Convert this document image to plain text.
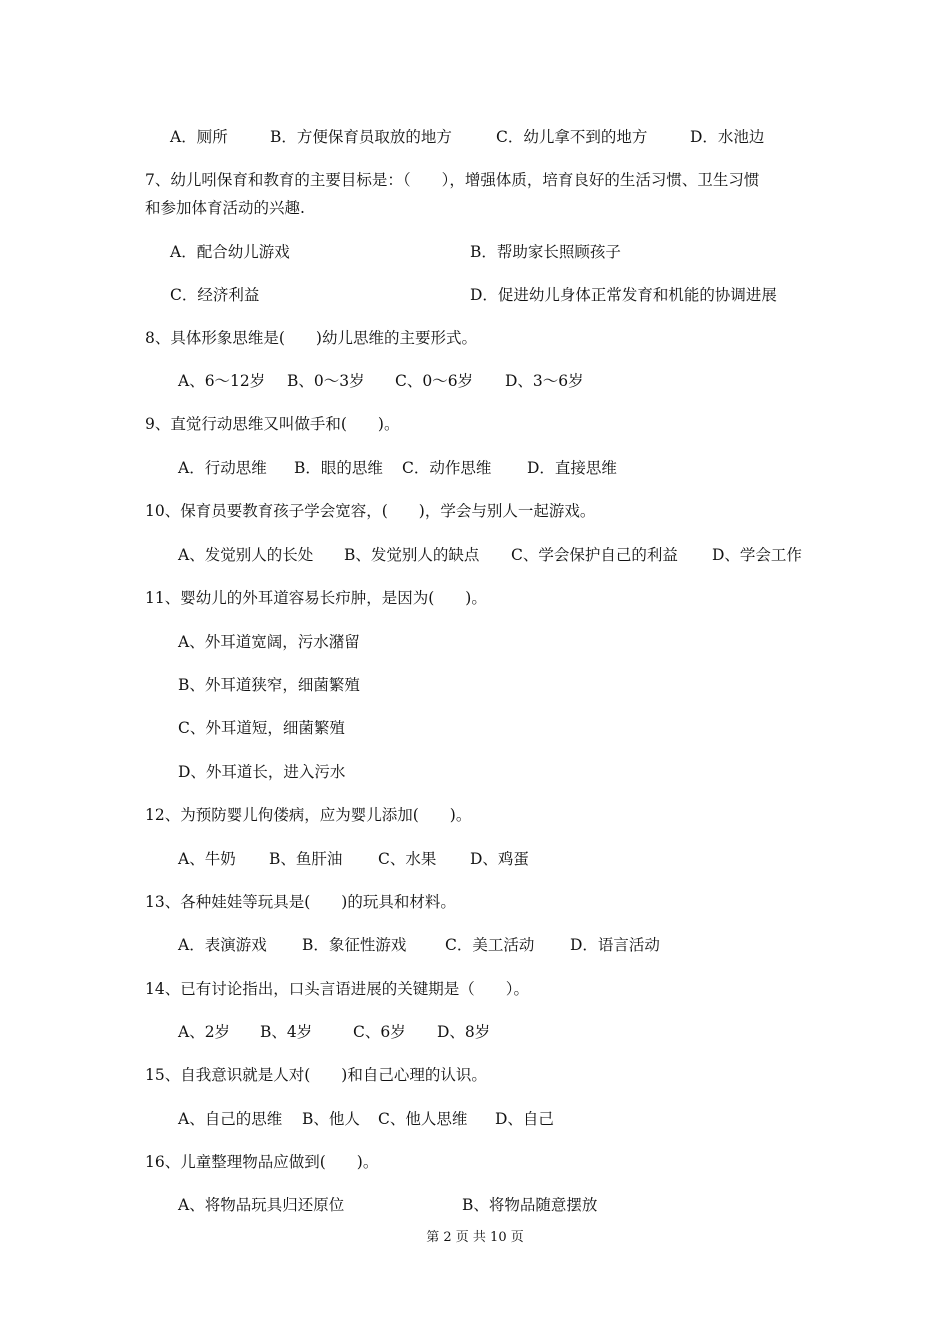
A．厕所	B．方便保育员取放的地方	C．幼儿拿不到的地方	D．水池边
7、幼儿吲保育和教育的主要目标是：（　　），增强体质，培育良好的生活习惯、卫生习惯
和参加体育活动的兴趣.
A．配合幼儿游戏	B．帮助家长照顾孩子
C．经济利益	D．促进幼儿身体正常发育和机能的协调进展
8、具体形象思维是(　　)幼儿思维的主要形式。
A、6～12岁 B、0～3岁 C、0～6岁 D、3～6岁
9、直觉行动思维又叫做手和(　　)。
A．行动思维 B．眼的思维 C．动作思维 D．直接思维
10、保育员要教育孩子学会宽容，(　　)，学会与别人一起游戏。
A、发觉别人的长处 B、发觉别人的缺点 C、学会保护自己的利益 D、学会工作
11、婴幼儿的外耳道容易长疖肿，是因为(　　)。
A、外耳道宽阔，污水潴留
B、外耳道狭窄，细菌繁殖
C、外耳道短，细菌繁殖
D、外耳道长，进入污水
12、为预防婴儿佝偻病，应为婴儿添加(　　)。
A、牛奶 B、鱼肝油 C、水果 D、鸡蛋
13、各种娃娃等玩具是(　　)的玩具和材料。
A．表演游戏 B．象征性游戏 C．美工活动 D．语言活动
14、已有讨论指出，口头言语进展的关键期是（　　）。
A、2岁 B、4岁	C、6岁 D、8岁
15、自我意识就是人对(　　)和自己心理的认识。
A、自己的思维 B、他人 C、他人思维 D、自己
16、儿童整理物品应做到(　　)。
A、将物品玩具归还原位	B、将物品随意摆放
第 2 页 共 10 页
